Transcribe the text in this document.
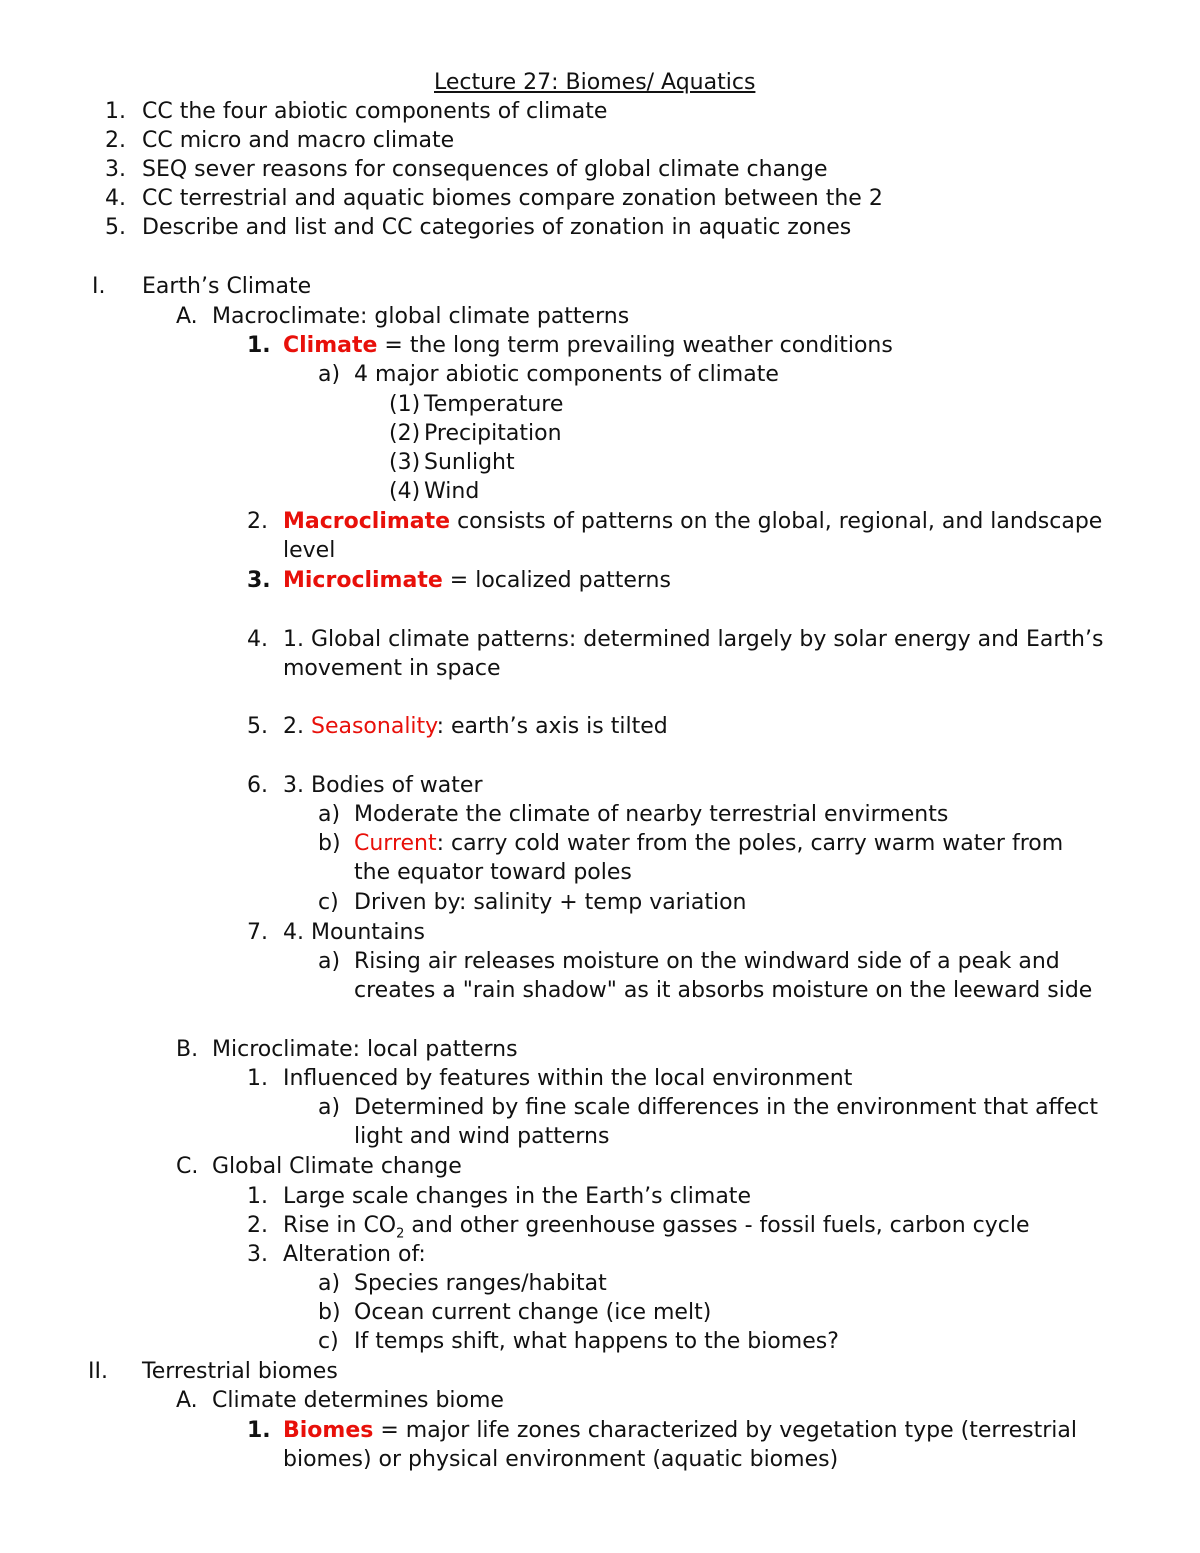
Lecture 27: Biomes/ Aquatics
1. CC the four abiotic components of climate
2. CC micro and macro climate
3. SEQ sever reasons for consequences of global climate change
4. CC terrestrial and aquatic biomes compare zonation between the 2
5. Describe and list and CC categories of zonation in aquatic zones
I. Earth’s Climate
A. Macroclimate: global climate patterns
1. Climate = the long term prevailing weather conditions
a) 4 major abiotic components of climate
(1) Temperature
(2) Precipitation
(3) Sunlight
(4) Wind
2. Macroclimate consists of patterns on the global, regional, and landscape
level
3. Microclimate = localized patterns
4. 1. Global climate patterns: determined largely by solar energy and Earth’s
movement in space
5. 2. Seasonality: earth’s axis is tilted
6. 3. Bodies of water
a) Moderate the climate of nearby terrestrial envirments
b) Current: carry cold water from the poles, carry warm water from
the equator toward poles
c) Driven by: salinity + temp variation
7. 4. Mountains
a) Rising air releases moisture on the windward side of a peak and
creates a "rain shadow" as it absorbs moisture on the leeward side
B. Microclimate: local patterns
1. Influenced by features within the local environment
a) Determined by fine scale differences in the environment that affect
light and wind patterns
C. Global Climate change
1. Large scale changes in the Earth’s climate
2. Rise in $CO_2$ and other greenhouse gasses - fossil fuels, carbon cycle
3. Alteration of:
a) Species ranges/habitat
b) Ocean current change (ice melt)
c) If temps shift, what happens to the biomes?
II. Terrestrial biomes
A. Climate determines biome
1. Biomes = major life zones characterized by vegetation type (terrestrial
biomes) or physical environment (aquatic biomes)
